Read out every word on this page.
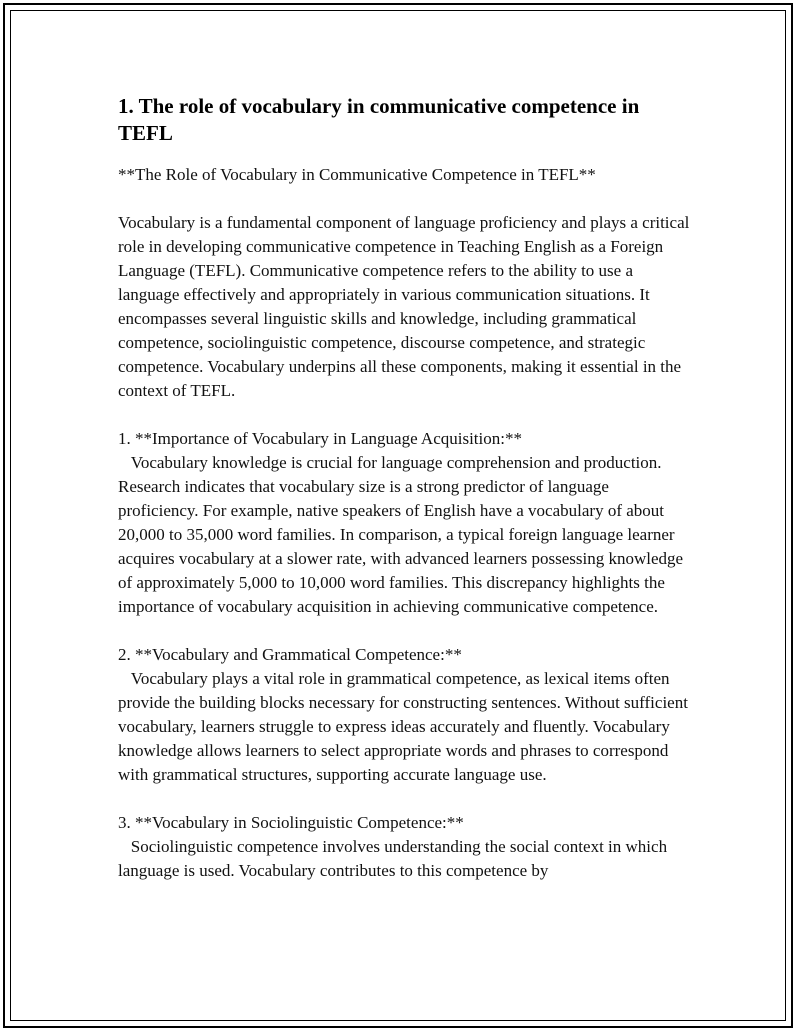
1. The role of vocabulary in communicative competence in TEFL

**The Role of Vocabulary in Communicative Competence in TEFL**

Vocabulary is a fundamental component of language proficiency and plays a critical role in developing communicative competence in Teaching English as a Foreign Language (TEFL). Communicative competence refers to the ability to use a language effectively and appropriately in various communication situations. It encompasses several linguistic skills and knowledge, including grammatical competence, sociolinguistic competence, discourse competence, and strategic competence. Vocabulary underpins all these components, making it essential in the context of TEFL.

1. **Importance of Vocabulary in Language Acquisition:**

Vocabulary knowledge is crucial for language comprehension and production. Research indicates that vocabulary size is a strong predictor of language proficiency. For example, native speakers of English have a vocabulary of about 20,000 to 35,000 word families. In comparison, a typical foreign language learner acquires vocabulary at a slower rate, with advanced learners possessing knowledge of approximately 5,000 to 10,000 word families. This discrepancy highlights the importance of vocabulary acquisition in achieving communicative competence.

2. **Vocabulary and Grammatical Competence:**

Vocabulary plays a vital role in grammatical competence, as lexical items often provide the building blocks necessary for constructing sentences. Without sufficient vocabulary, learners struggle to express ideas accurately and fluently. Vocabulary knowledge allows learners to select appropriate words and phrases to correspond with grammatical structures, supporting accurate language use.

3. **Vocabulary in Sociolinguistic Competence:**

Sociolinguistic competence involves understanding the social context in which language is used. Vocabulary contributes to this competence by
